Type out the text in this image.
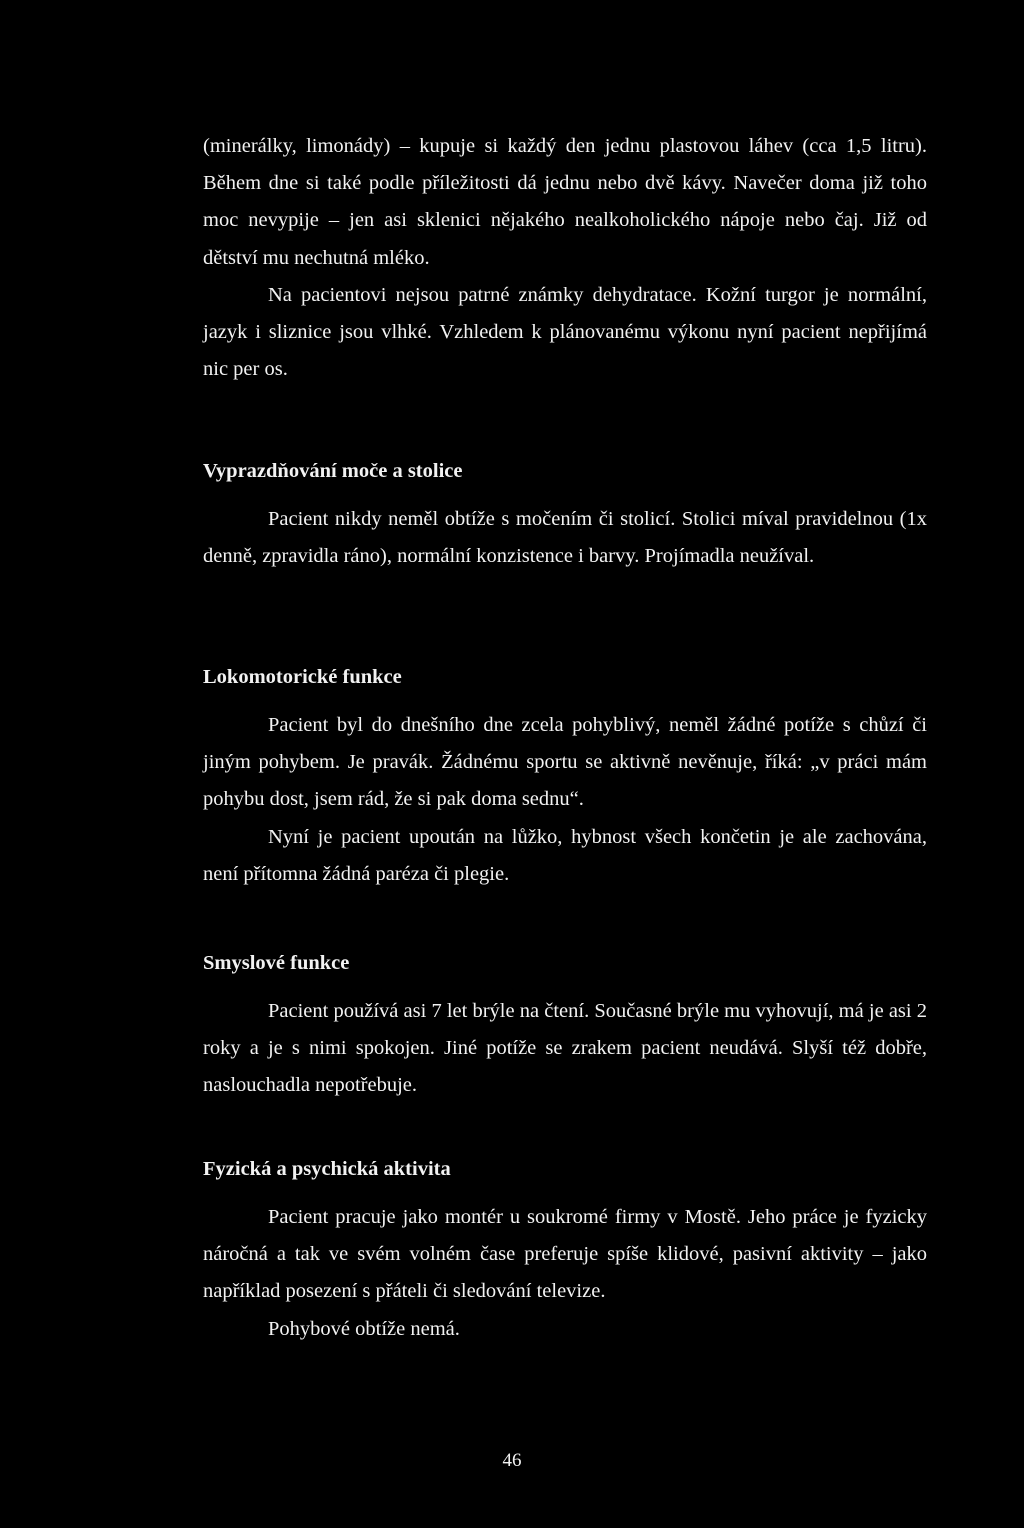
(minerálky, limonády) – kupuje si každý den jednu plastovou láhev (cca 1,5 litru). Během dne si také podle příležitosti dá jednu nebo dvě kávy. Navečer doma již toho moc nevypije – jen asi sklenici nějakého nealkoholického nápoje nebo čaj. Již od dětství mu nechutná mléko.

Na pacientovi nejsou patrné známky dehydratace. Kožní turgor je normální, jazyk i sliznice jsou vlhké. Vzhledem k plánovanému výkonu nyní pacient nepřijímá nic per os.

Vyprazdňování moče a stolice

Pacient nikdy neměl obtíže s močením či stolicí. Stolici míval pravidelnou (1x denně, zpravidla ráno), normální konzistence i barvy. Projímadla neužíval.

Lokomotorické funkce

Pacient byl do dnešního dne zcela pohyblivý, neměl žádné potíže s chůzí či jiným pohybem. Je pravák. Žádnému sportu se aktivně nevěnuje, říká: „v práci mám pohybu dost, jsem rád, že si pak doma sednu“.

Nyní je pacient upoután na lůžko, hybnost všech končetin je ale zachována, není přítomna žádná paréza či plegie.

Smyslové funkce

Pacient používá asi 7 let brýle na čtení. Současné brýle mu vyhovují, má je asi 2 roky a je s nimi spokojen. Jiné potíže se zrakem pacient neudává. Slyší též dobře, naslouchadla nepotřebuje.

Fyzická a psychická aktivita

Pacient pracuje jako montér u soukromé firmy v Mostě. Jeho práce je fyzicky náročná a tak ve svém volném čase preferuje spíše klidové, pasivní aktivity – jako například posezení s přáteli či sledování televize.

Pohybové obtíže nemá.

46
